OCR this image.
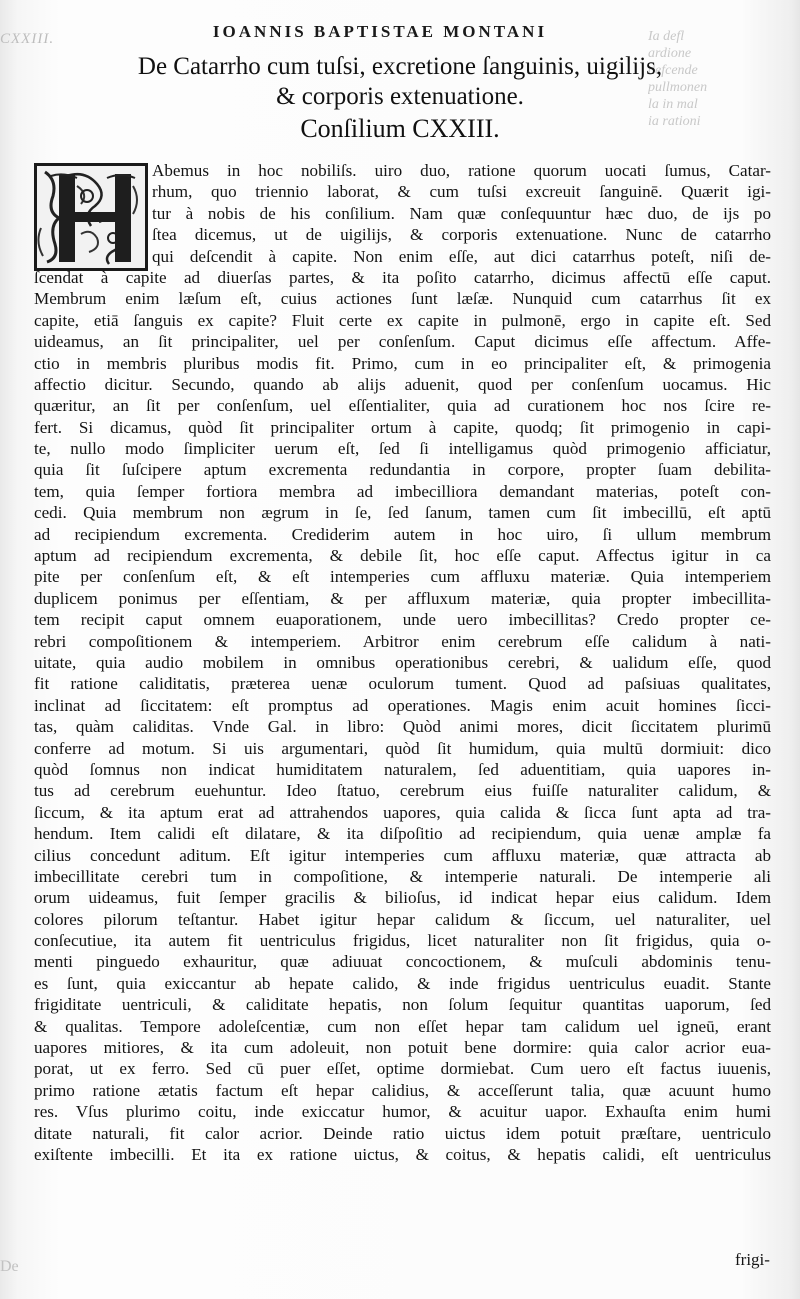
CXXIII.	Ia defl
ardione
defcende
pullmonen
la in mal
ia rationi
De
IOANNIS BAPTISTAE MONTANI
De Catarrho cum tuſsi, excretione ſanguinis, uigilijs,
& corporis extenuatione.
Conſilium CXXIII.
Abemus in hoc nobiliſs. uiro duo, ratione quorum uocati ſumus, Catar-
rhum, quo triennio laborat, & cum tuſsi excreuit ſanguinē. Quærit igi-
tur à nobis de his conſilium. Nam quæ conſequuntur hæc duo, de ijs po
ſtea dicemus, ut de uigilijs, & corporis extenuatione. Nunc de catarrho
qui deſcendit à capite. Non enim eſſe, aut dici catarrhus poteſt, niſi de-
ſcendat à capite ad diuerſas partes, & ita poſito catarrho, dicimus affectū eſſe caput.
Membrum enim læſum eſt, cuius actiones ſunt læſæ. Nunquid cum catarrhus ſit ex
capite, etiā ſanguis ex capite? Fluit certe ex capite in pulmonē, ergo in capite eſt. Sed
uideamus, an ſit principaliter, uel per conſenſum. Caput dicimus eſſe affectum. Affe-
ctio in membris pluribus modis fit. Primo, cum in eo principaliter eſt, & primogenia
affectio dicitur. Secundo, quando ab alijs aduenit, quod per conſenſum uocamus. Hic
quæritur, an ſit per conſenſum, uel eſſentialiter, quia ad curationem hoc nos ſcire re-
fert. Si dicamus, quòd ſit principaliter ortum à capite, quodq; ſit primogenio in capi-
te, nullo modo ſimpliciter uerum eſt, ſed ſi intelligamus quòd primogenio afficiatur,
quia ſit ſuſcipere aptum excrementa redundantia in corpore, propter ſuam debilita-
tem, quia ſemper fortiora membra ad imbecilliora demandant materias, poteſt con-
cedi. Quia membrum non ægrum in ſe, ſed ſanum, tamen cum ſit imbecillū, eſt aptū
ad recipiendum excrementa. Crediderim autem in hoc uiro, ſi ullum membrum
aptum ad recipiendum excrementa, & debile ſit, hoc eſſe caput. Affectus igitur in ca
pite per conſenſum eſt, & eſt intemperies cum affluxu materiæ. Quia intemperiem
duplicem ponimus per eſſentiam, & per affluxum materiæ, quia propter imbecillita-
tem recipit caput omnem euaporationem, unde uero imbecillitas? Credo propter ce-
rebri compoſitionem & intemperiem. Arbitror enim cerebrum eſſe calidum à nati-
uitate, quia audio mobilem in omnibus operationibus cerebri, & ualidum eſſe, quod
fit ratione caliditatis, præterea uenæ oculorum tument. Quod ad paſsiuas qualitates,
inclinat ad ſiccitatem: eſt promptus ad operationes. Magis enim acuit homines ſicci-
tas, quàm caliditas. Vnde Gal. in libro: Quòd animi mores, dicit ſiccitatem plurimū
conferre ad motum. Si uis argumentari, quòd ſit humidum, quia multū dormiuit: dico
quòd ſomnus non indicat humiditatem naturalem, ſed aduentitiam, quia uapores in-
tus ad cerebrum euehuntur. Ideo ſtatuo, cerebrum eius fuiſſe naturaliter calidum, &
ſiccum, & ita aptum erat ad attrahendos uapores, quia calida & ſicca ſunt apta ad tra-
hendum. Item calidi eſt dilatare, & ita diſpoſitio ad recipiendum, quia uenæ amplæ fa
cilius concedunt aditum. Eſt igitur intemperies cum affluxu materiæ, quæ attracta ab
imbecillitate cerebri tum in compoſitione, & intemperie naturali. De intemperie ali
orum uideamus, fuit ſemper gracilis & bilioſus, id indicat hepar eius calidum. Idem
colores pilorum teſtantur. Habet igitur hepar calidum & ſiccum, uel naturaliter, uel
conſecutiue, ita autem fit uentriculus frigidus, licet naturaliter non ſit frigidus, quia o-
menti pinguedo exhauritur, quæ adiuuat concoctionem, & muſculi abdominis tenu-
es ſunt, quia exiccantur ab hepate calido, & inde frigidus uentriculus euadit. Stante
frigiditate uentriculi, & caliditate hepatis, non ſolum ſequitur quantitas uaporum, ſed
& qualitas. Tempore adoleſcentiæ, cum non eſſet hepar tam calidum uel igneū, erant
uapores mitiores, & ita cum adoleuit, non potuit bene dormire: quia calor acrior eua-
porat, ut ex ferro. Sed cū puer eſſet, optime dormiebat. Cum uero eſt factus iuuenis,
primo ratione ætatis factum eſt hepar calidius, & acceſſerunt talia, quæ acuunt humo
res. Vſus plurimo coitu, inde exiccatur humor, & acuitur uapor. Exhauſta enim humi
ditate naturali, fit calor acrior. Deinde ratio uictus idem potuit præſtare, uentriculo
exiſtente imbecilli. Et ita ex ratione uictus, & coitus, & hepatis calidi, eſt uentriculus
frigi-
